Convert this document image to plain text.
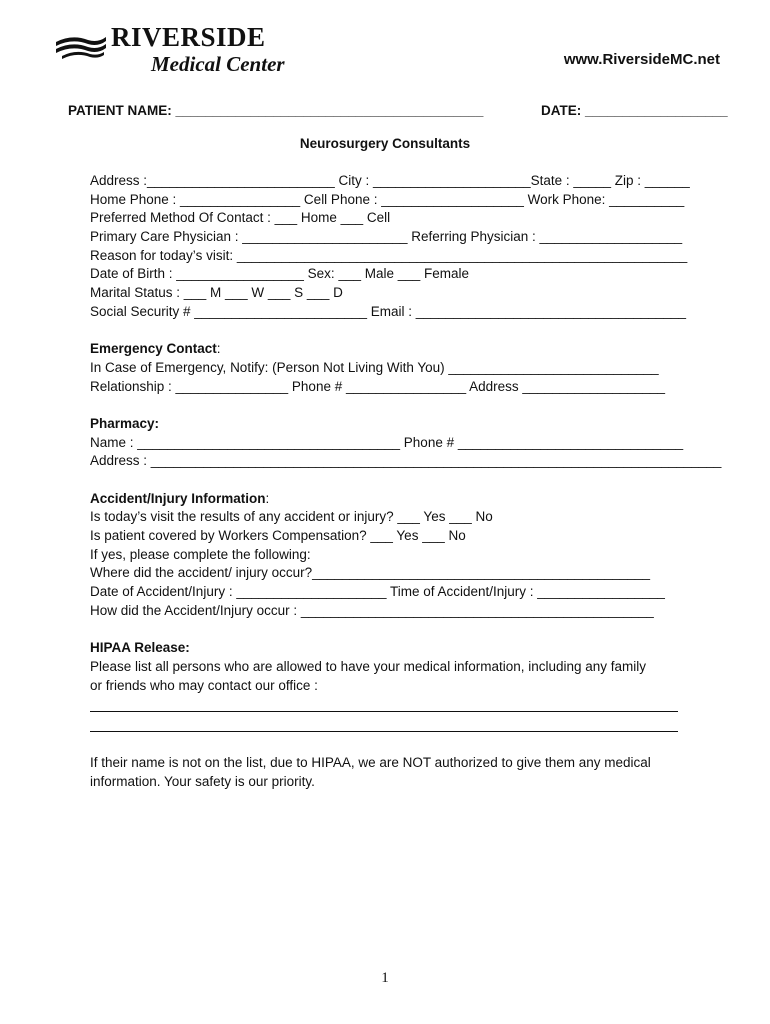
RIVERSIDE
Medical Center	www.RiversideMC.net
PATIENT NAME: _________________________________________	DATE: ___________________
Neurosurgery Consultants
Address :_________________________ City : _____________________State : _____ Zip : ______
Home Phone : ________________ Cell Phone : ___________________ Work Phone: __________
Preferred Method Of Contact : ___ Home ___ Cell
Primary Care Physician : ______________________ Referring Physician : ___________________
Reason for today’s visit: ____________________________________________________________
Date of Birth : _________________ Sex: ___ Male ___ Female
Marital Status : ___ M ___ W ___ S ___ D
Social Security # _______________________ Email : ____________________________________
Emergency Contact:
In Case of Emergency, Notify: (Person Not Living With You) ____________________________
Relationship : _______________ Phone # ________________ Address ___________________
Pharmacy:
Name : ___________________________________ Phone # ______________________________
Address : ____________________________________________________________________________
Accident/Injury Information:
Is today’s visit the results of any accident or injury? ___ Yes ___ No
Is patient covered by Workers Compensation? ___ Yes ___ No
If yes, please complete the following:
Where did the accident/ injury occur?_____________________________________________
Date of Accident/Injury : ____________________ Time of Accident/Injury : _________________
How did the Accident/Injury occur : _______________________________________________
HIPAA Release:
Please list all persons who are allowed to have your medical information, including any family
or friends who may contact our office :
If their name is not on the list, due to HIPAA, we are NOT authorized to give them any medical
information. Your safety is our priority.
1
